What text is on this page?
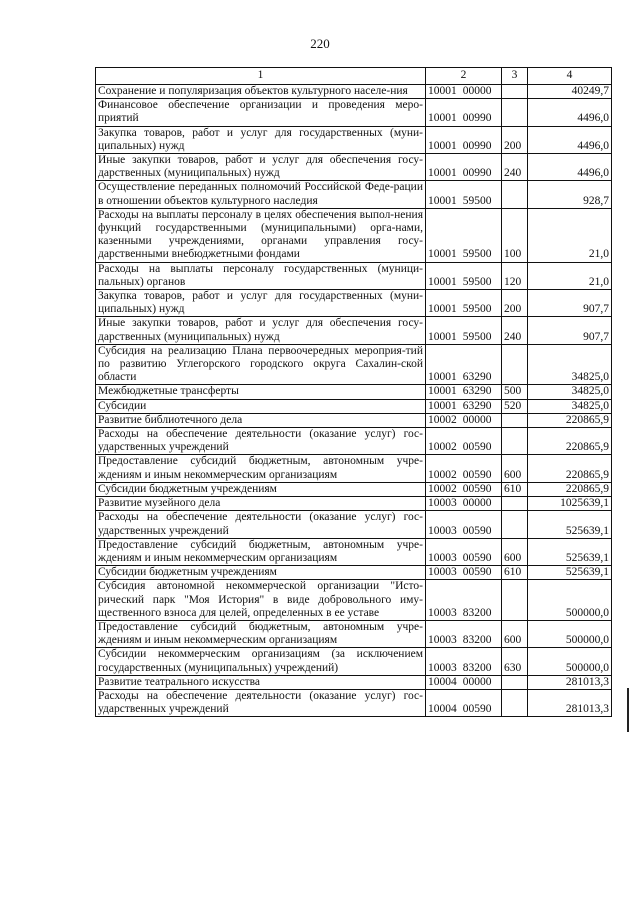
220
1	2	3	4
Сохранение и популяризация объектов культурного населе-ния	10001 00000		40249,7
Финансовое обеспечение организации и проведения меро-приятий	10001 00990		4496,0
Закупка товаров, работ и услуг для государственных (муни-ципальных) нужд	10001 00990	200	4496,0
Иные закупки товаров, работ и услуг для обеспечения госу-дарственных (муниципальных) нужд	10001 00990	240	4496,0
Осуществление переданных полномочий Российской Феде-рации в отношении объектов культурного наследия	10001 59500		928,7
Расходы на выплаты персоналу в целях обеспечения выпол-нения функций государственными (муниципальными) орга-нами, казенными учреждениями, органами управления госу-дарственными внебюджетными фондами	10001 59500	100	21,0
Расходы на выплаты персоналу государственных (муници-пальных) органов	10001 59500	120	21,0
Закупка товаров, работ и услуг для государственных (муни-ципальных) нужд	10001 59500	200	907,7
Иные закупки товаров, работ и услуг для обеспечения госу-дарственных (муниципальных) нужд	10001 59500	240	907,7
Субсидия на реализацию Плана первоочередных мероприя-тий по развитию Углегорского городского округа Сахалин-ской области	10001 63290		34825,0
Межбюджетные трансферты	10001 63290	500	34825,0
Субсидии	10001 63290	520	34825,0
Развитие библиотечного дела	10002 00000		220865,9
Расходы на обеспечение деятельности (оказание услуг) гос-ударственных учреждений	10002 00590		220865,9
Предоставление субсидий бюджетным, автономным учре-ждениям и иным некоммерческим организациям	10002 00590	600	220865,9
Субсидии бюджетным учреждениям	10002 00590	610	220865,9
Развитие музейного дела	10003 00000		1025639,1
Расходы на обеспечение деятельности (оказание услуг) гос-ударственных учреждений	10003 00590		525639,1
Предоставление субсидий бюджетным, автономным учре-ждениям и иным некоммерческим организациям	10003 00590	600	525639,1
Субсидии бюджетным учреждениям	10003 00590	610	525639,1
Субсидия автономной некоммерческой организации "Исто-рический парк "Моя История" в виде добровольного иму-щественного взноса для целей, определенных в ее уставе	10003 83200		500000,0
Предоставление субсидий бюджетным, автономным учре-ждениям и иным некоммерческим организациям	10003 83200	600	500000,0
Субсидии некоммерческим организациям (за исключением государственных (муниципальных) учреждений)	10003 83200	630	500000,0
Развитие театрального искусства	10004 00000		281013,3
Расходы на обеспечение деятельности (оказание услуг) гос-ударственных учреждений	10004 00590		281013,3
